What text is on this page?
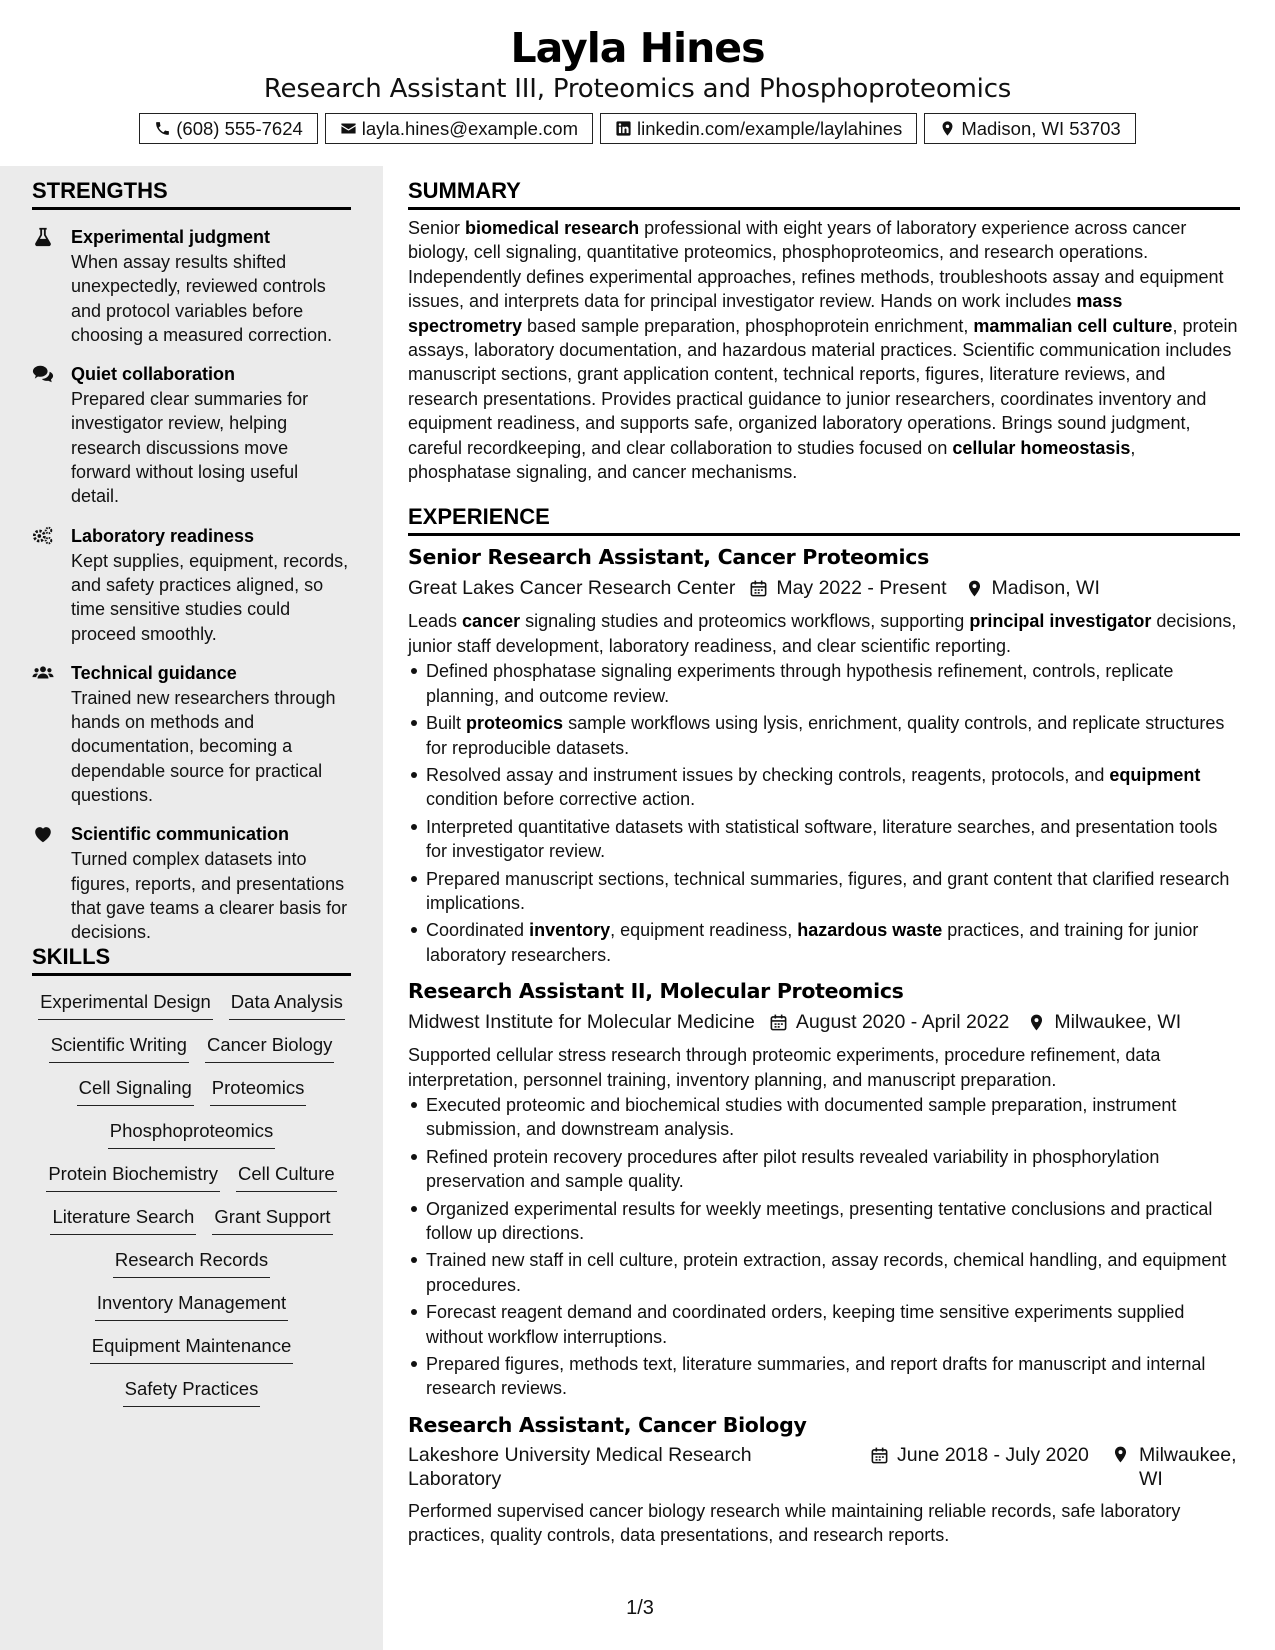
Layla Hines
Research Assistant III, Proteomics and Phosphoproteomics
(608) 555-7624	layla.hines@example.com	linkedin.com/example/laylahines	Madison, WI 53703
STRENGTHS
Experimental judgment
When assay results shifted unexpectedly, reviewed controls and protocol variables before choosing a measured correction.
Quiet collaboration
Prepared clear summaries for investigator review, helping research discussions move forward without losing useful detail.
Laboratory readiness
Kept supplies, equipment, records, and safety practices aligned, so time sensitive studies could proceed smoothly.
Technical guidance
Trained new researchers through hands on methods and documentation, becoming a dependable source for practical questions.
Scientific communication
Turned complex datasets into figures, reports, and presentations that gave teams a clearer basis for decisions.
SKILLS
Experimental Design Data Analysis
Scientific Writing Cancer Biology
Cell Signaling Proteomics
Phosphoproteomics
Protein Biochemistry Cell Culture
Literature Search Grant Support
Research Records
Inventory Management
Equipment Maintenance
Safety Practices
SUMMARY

Senior biomedical research professional with eight years of laboratory experience across cancer biology, cell signaling, quantitative proteomics, phosphoproteomics, and research operations. Independently defines experimental approaches, refines methods, troubleshoots assay and equipment issues, and interprets data for principal investigator review. Hands on work includes mass spectrometry based sample preparation, phosphoprotein enrichment, mammalian cell culture, protein assays, laboratory documentation, and hazardous material practices. Scientific communication includes manuscript sections, grant application content, technical reports, figures, literature reviews, and research presentations. Provides practical guidance to junior researchers, coordinates inventory and equipment readiness, and supports safe, organized laboratory operations. Brings sound judgment, careful recordkeeping, and clear collaboration to studies focused on cellular homeostasis, phosphatase signaling, and cancer mechanisms.

EXPERIENCE
Senior Research Assistant, Cancer Proteomics
Great Lakes Cancer Research Center May 2022 - Present Madison, WI

Leads cancer signaling studies and proteomics workflows, supporting principal investigator decisions, junior staff development, laboratory readiness, and clear scientific reporting.

Defined phosphatase signaling experiments through hypothesis refinement, controls, replicate planning, and outcome review.
Built proteomics sample workflows using lysis, enrichment, quality controls, and replicate structures for reproducible datasets.
Resolved assay and instrument issues by checking controls, reagents, protocols, and equipment condition before corrective action.
Interpreted quantitative datasets with statistical software, literature searches, and presentation tools for investigator review.
Prepared manuscript sections, technical summaries, figures, and grant content that clarified research implications.
Coordinated inventory, equipment readiness, hazardous waste practices, and training for junior laboratory researchers.
Research Assistant II, Molecular Proteomics
Midwest Institute for Molecular Medicine August 2020 - April 2022 Milwaukee, WI

Supported cellular stress research through proteomic experiments, procedure refinement, data interpretation, personnel training, inventory planning, and manuscript preparation.

Executed proteomic and biochemical studies with documented sample preparation, instrument submission, and downstream analysis.
Refined protein recovery procedures after pilot results revealed variability in phosphorylation preservation and sample quality.
Organized experimental results for weekly meetings, presenting tentative conclusions and practical follow up directions.
Trained new staff in cell culture, protein extraction, assay records, chemical handling, and equipment procedures.
Forecast reagent demand and coordinated orders, keeping time sensitive experiments supplied without workflow interruptions.
Prepared figures, methods text, literature summaries, and report drafts for manuscript and internal research reviews.
Research Assistant, Cancer Biology
Lakeshore University Medical Research Laboratory
June 2018 - July 2020	Milwaukee, WI

Performed supervised cancer biology research while maintaining reliable records, safe laboratory practices, quality controls, data presentations, and research reports.

1/3
